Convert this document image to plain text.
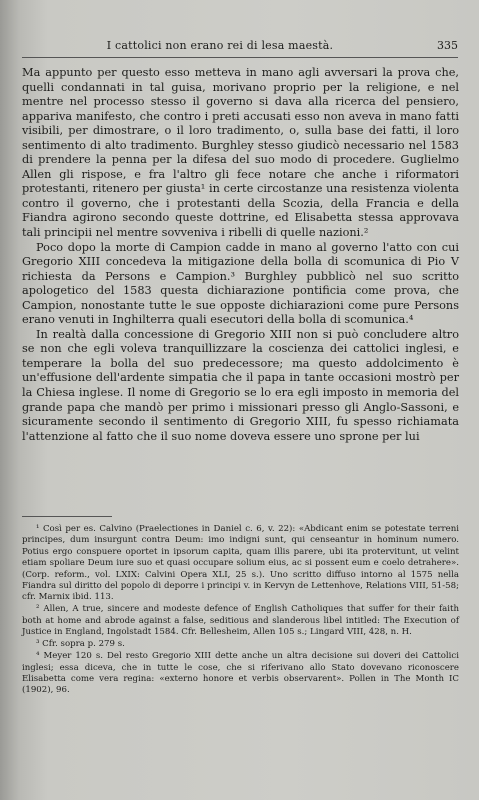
I cattolici non erano rei di lesa maestà.	335

Ma appunto per questo esso metteva in mano agli avversari la prova che, quelli condannati in tal guisa, morivano proprio per la religione, e nel mentre nel processo stesso il governo si dava alla ricerca del pensiero, appariva manifesto, che contro i preti accusati esso non aveva in mano fatti visibili, per dimostrare, o il loro tradimento, o, sulla base dei fatti, il loro sentimento di alto tradimento. Burghley stesso giudicò necessario nel 1583 di prendere la penna per la difesa del suo modo di procedere. Guglielmo Allen gli rispose, e fra l'altro gli fece notare che anche i riformatori protestanti, ritenero per giusta¹ in certe circostanze una resistenza violenta contro il governo, che i protestanti della Scozia, della Francia e della Fiandra agirono secondo queste dottrine, ed Elisabetta stessa approvava tali principii nel mentre sovveniva i ribelli di quelle nazioni.²

Poco dopo la morte di Campion cadde in mano al governo l'atto con cui Gregorio XIII concedeva la mitigazione della bolla di scomunica di Pio V richiesta da Persons e Campion.³ Burghley pubblicò nel suo scritto apologetico del 1583 questa dichiarazione pontificia come prova, che Campion, nonostante tutte le sue opposte dichiarazioni come pure Persons erano venuti in Inghilterra quali esecutori della bolla di scomunica.⁴

In realtà dalla concessione di Gregorio XIII non si può concludere altro se non che egli voleva tranquillizzare la coscienza dei cattolici inglesi, e temperare la bolla del suo predecessore; ma questo addolcimento è un'effusione dell'ardente simpatia che il papa in tante occasioni mostrò per la Chiesa inglese. Il nome di Gregorio se lo era egli imposto in memoria del grande papa che mandò per primo i missionari presso gli Anglo-Sassoni, e sicuramente secondo il sentimento di Gregorio XIII, fu spesso richiamata l'attenzione al fatto che il suo nome doveva essere uno sprone per lui

¹ Così per es. Calvino (Praelectiones in Daniel c. 6, v. 22): «Abdicant enim se potestate terreni principes, dum insurgunt contra Deum: imo indigni sunt, qui censeantur in hominum numero. Potius ergo conspuere oportet in ipsorum capita, quam illis parere, ubi ita protervitunt, ut velint etiam spoliare Deum iure suo et quasi occupare solium eius, ac si possent eum e coelo detrahere». (Corp. reform., vol. LXIX: Calvini Opera XLI, 25 s.). Uno scritto diffuso intorno al 1575 nella Fiandra sul diritto del popolo di deporre i principi v. in Kervyn de Lettenhove, Relations VIII, 51-58; cfr. Marnix ibid. 113.

² Allen, A true, sincere and modeste defence of English Catholiques that suffer for their faith both at home and abrode against a false, seditious and slanderous libel intitled: The Execution of Justice in England, Ingolstadt 1584. Cfr. Bellesheim, Allen 105 s.; Lingard VIII, 428, n. H.

³ Cfr. sopra p. 279 s.

⁴ Meyer 120 s. Del resto Gregorio XIII dette anche un altra decisione sui doveri dei Cattolici inglesi; essa diceva, che in tutte le cose, che si riferivano allo Stato dovevano riconoscere Elisabetta come vera regina: «externo honore et verbis observarent». Pollen in The Month IC (1902), 96.
